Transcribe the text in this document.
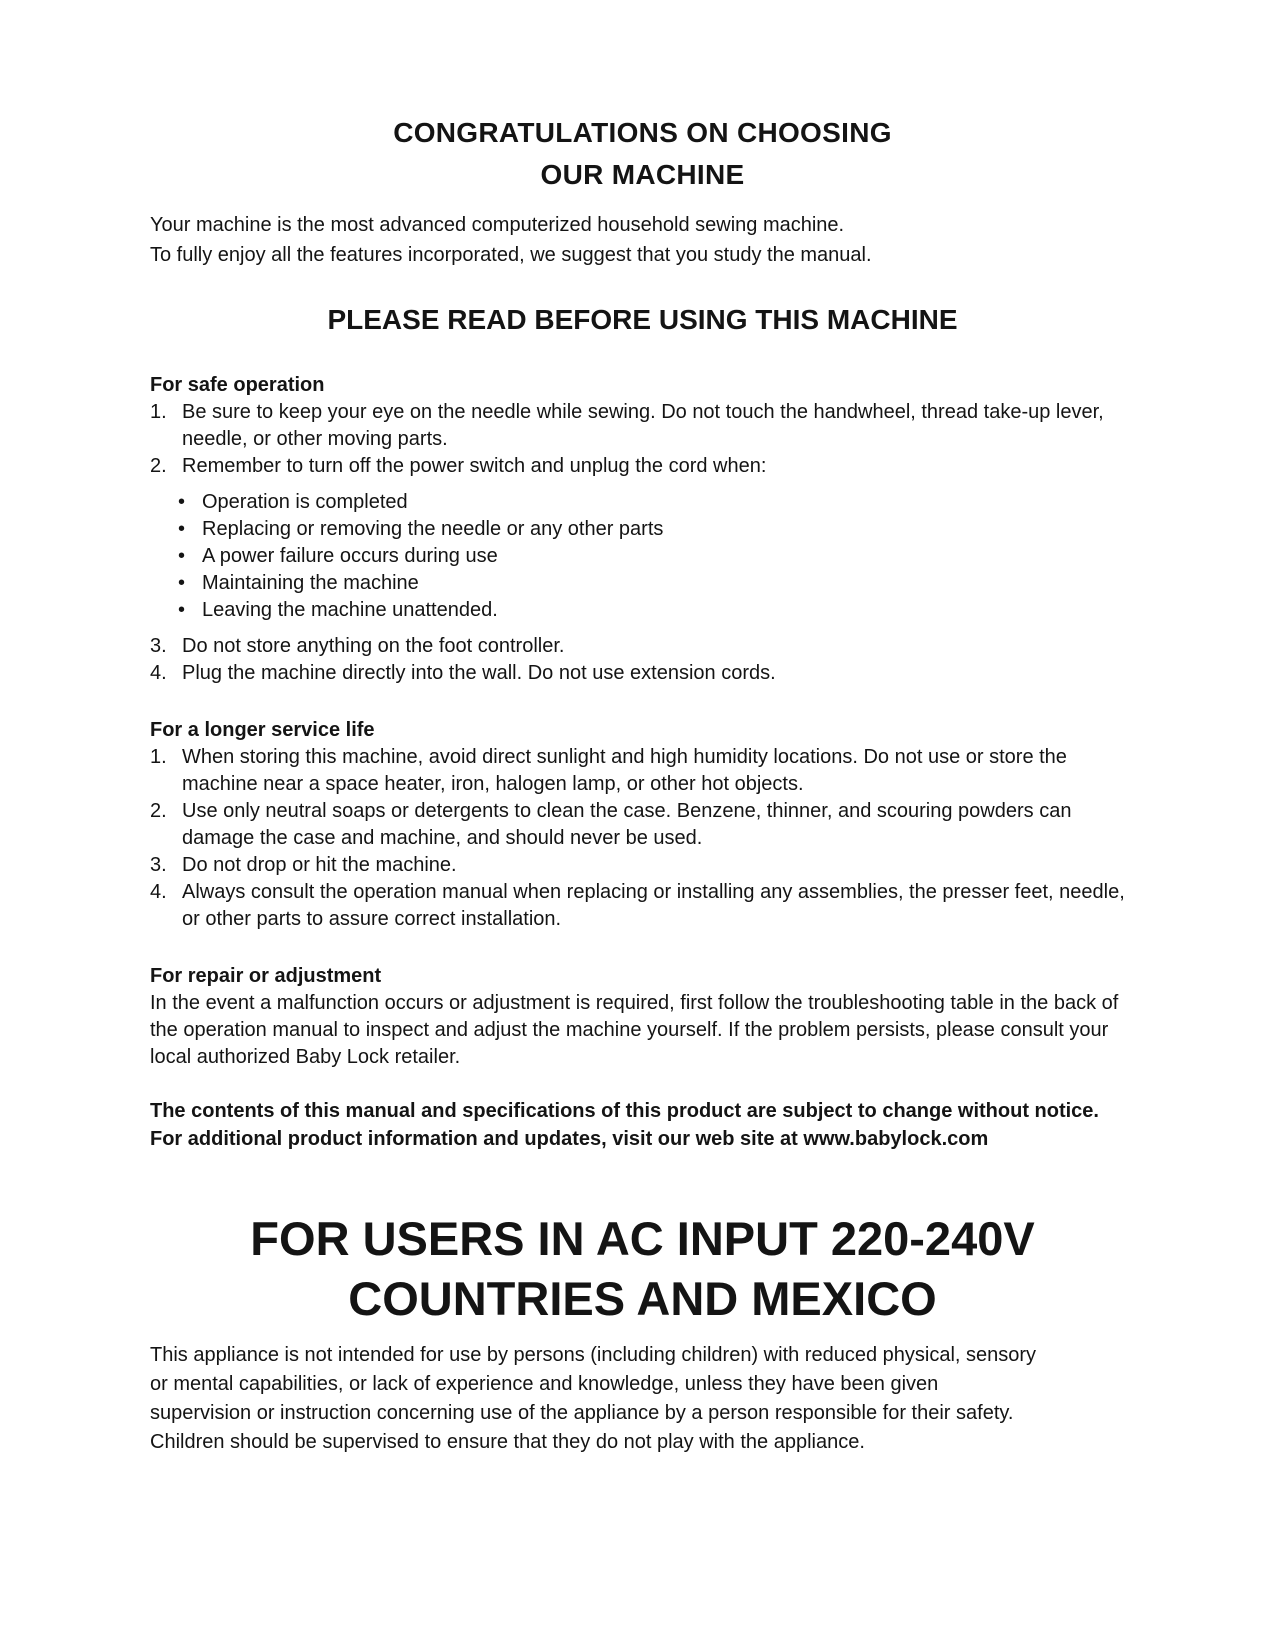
CONGRATULATIONS ON CHOOSING
OUR MACHINE

Your machine is the most advanced computerized household sewing machine.

To fully enjoy all the features incorporated, we suggest that you study the manual.

PLEASE READ BEFORE USING THIS MACHINE

For safe operation

1. Be sure to keep your eye on the needle while sewing. Do not touch the handwheel, thread take-up lever, needle, or other moving parts.
2. Remember to turn off the power switch and unplug the cord when:
• Operation is completed
• Replacing or removing the needle or any other parts
• A power failure occurs during use
• Maintaining the machine
• Leaving the machine unattended.
3. Do not store anything on the foot controller.
4. Plug the machine directly into the wall. Do not use extension cords.

For a longer service life

1. When storing this machine, avoid direct sunlight and high humidity locations. Do not use or store the machine near a space heater, iron, halogen lamp, or other hot objects.
2. Use only neutral soaps or detergents to clean the case. Benzene, thinner, and scouring powders can damage the case and machine, and should never be used.
3. Do not drop or hit the machine.
4. Always consult the operation manual when replacing or installing any assemblies, the presser feet, needle, or other parts to assure correct installation.

For repair or adjustment

In the event a malfunction occurs or adjustment is required, first follow the troubleshooting table in the back of the operation manual to inspect and adjust the machine yourself. If the problem persists, please consult your local authorized Baby Lock retailer.

The contents of this manual and specifications of this product are subject to change without notice.

For additional product information and updates, visit our web site at www.babylock.com

FOR USERS IN AC INPUT 220-240V
COUNTRIES AND MEXICO

This appliance is not intended for use by persons (including children) with reduced physical, sensory

or mental capabilities, or lack of experience and knowledge, unless they have been given

supervision or instruction concerning use of the appliance by a person responsible for their safety.

Children should be supervised to ensure that they do not play with the appliance.
